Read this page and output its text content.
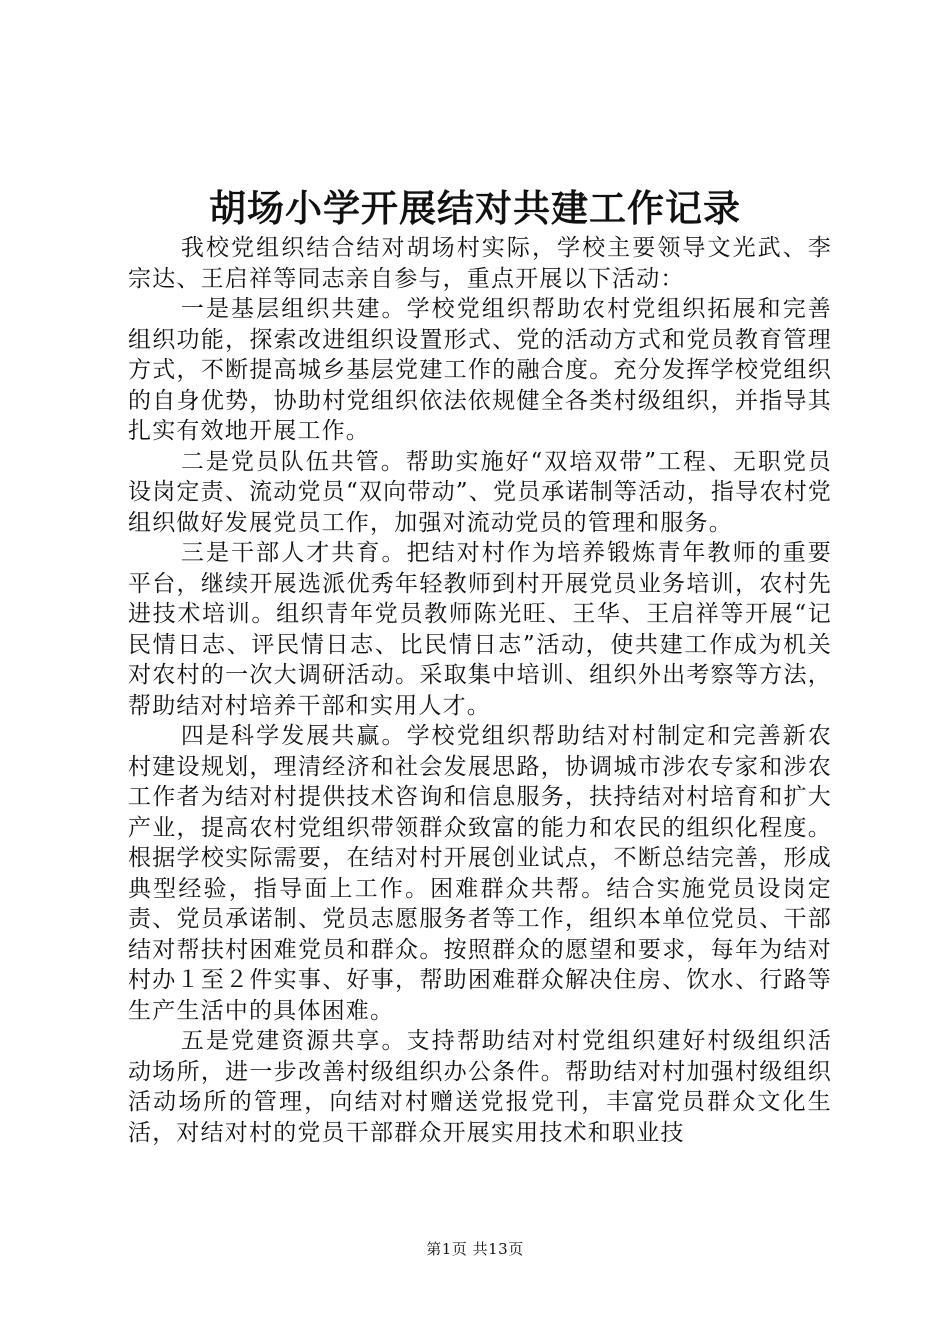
胡场小学开展结对共建工作记录

我校党组织结合结对胡场村实际，学校主要领导文光武、李宗达、王启祥等同志亲自参与，重点开展以下活动：

一是基层组织共建。学校党组织帮助农村党组织拓展和完善组织功能，探索改进组织设置形式、党的活动方式和党员教育管理方式，不断提高城乡基层党建工作的融合度。充分发挥学校党组织的自身优势，协助村党组织依法依规健全各类村级组织，并指导其扎实有效地开展工作。

二是党员队伍共管。帮助实施好“双培双带”工程、无职党员设岗定责、流动党员“双向带动”、党员承诺制等活动，指导农村党组织做好发展党员工作，加强对流动党员的管理和服务。

三是干部人才共育。把结对村作为培养锻炼青年教师的重要平台，继续开展选派优秀年轻教师到村开展党员业务培训，农村先进技术培训。组织青年党员教师陈光旺、王华、王启祥等开展“记民情日志、评民情日志、比民情日志”活动，使共建工作成为机关对农村的一次大调研活动。采取集中培训、组织外出考察等方法，帮助结对村培养干部和实用人才。

四是科学发展共赢。学校党组织帮助结对村制定和完善新农村建设规划，理清经济和社会发展思路，协调城市涉农专家和涉农工作者为结对村提供技术咨询和信息服务，扶持结对村培育和扩大产业，提高农村党组织带领群众致富的能力和农民的组织化程度。根据学校实际需要，在结对村开展创业试点，不断总结完善，形成典型经验，指导面上工作。困难群众共帮。结合实施党员设岗定责、党员承诺制、党员志愿服务者等工作，组织本单位党员、干部结对帮扶村困难党员和群众。按照群众的愿望和要求，每年为结对村办１至２件实事、好事，帮助困难群众解决住房、饮水、行路等生产生活中的具体困难。

五是党建资源共享。支持帮助结对村党组织建好村级组织活动场所，进一步改善村级组织办公条件。帮助结对村加强村级组织活动场所的管理，向结对村赠送党报党刊，丰富党员群众文化生活，对结对村的党员干部群众开展实用技术和职业技

第1页 共13页
